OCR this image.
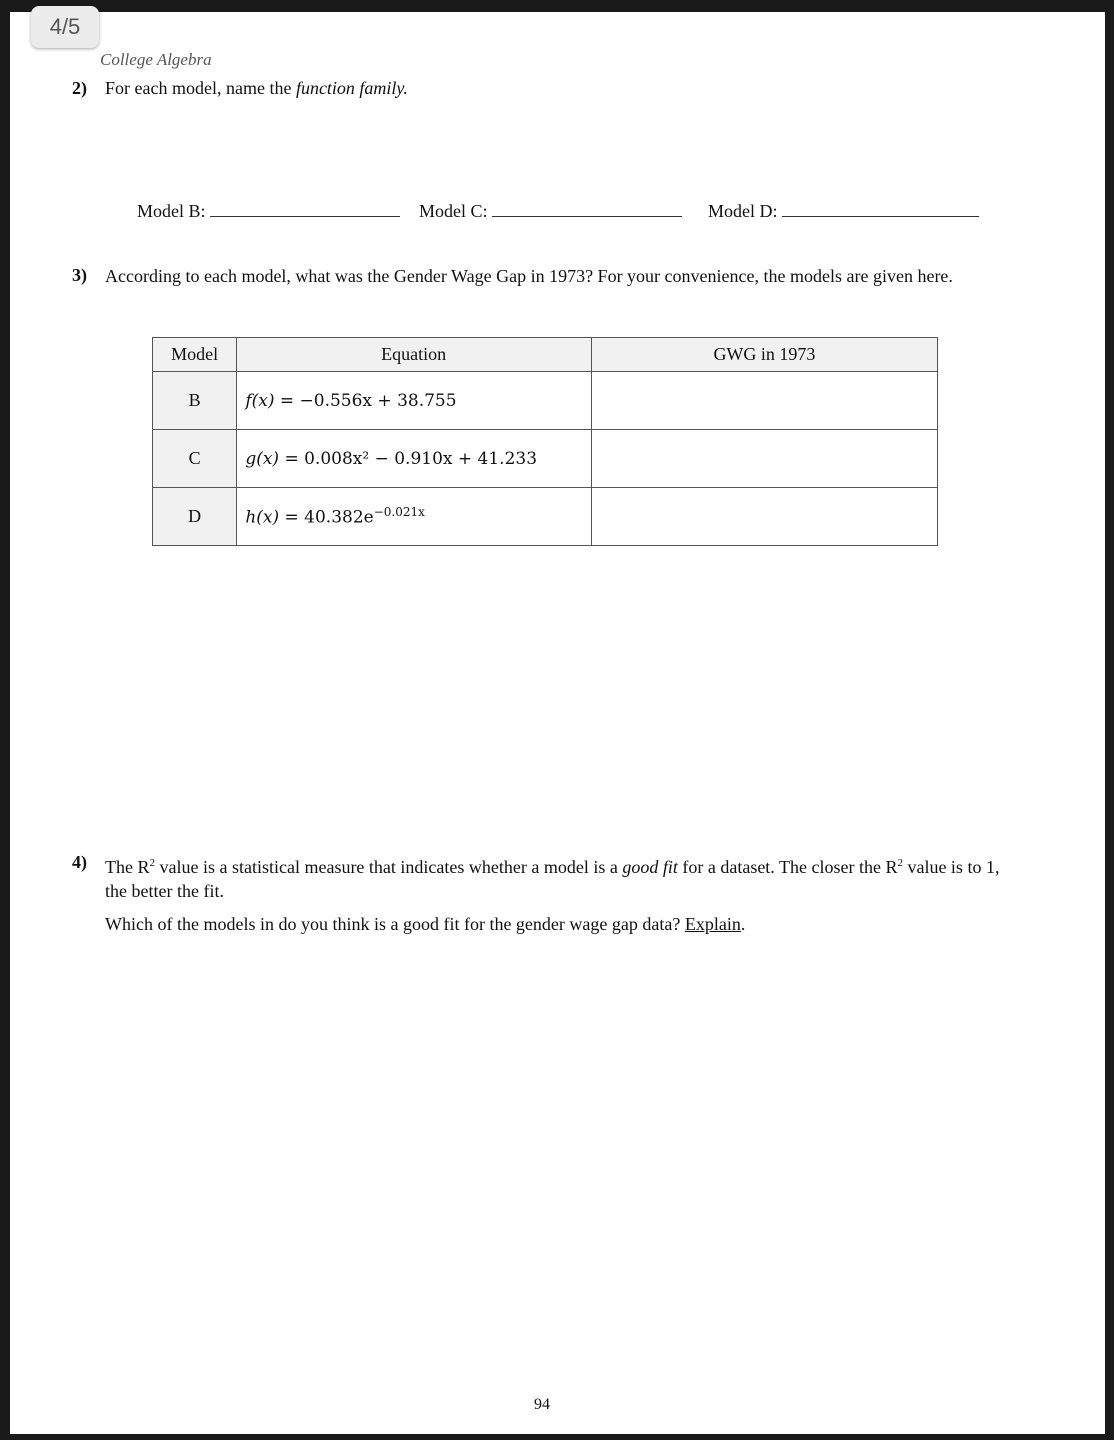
College Algebra
2) For each model, name the function family.
Model B:	Model C:	Model D:
3) According to each model, what was the Gender Wage Gap in 1973? For your convenience, the models are given here.
Model	Equation	GWG in 1973
B	f(x) = −0.556x + 38.755	
C	g(x) = 0.008x² − 0.910x + 41.233	
D	$h(x) = 40.382e^{-0.021x}$	
4) The $R^2$ value is a statistical measure that indicates whether a model is a good fit for a dataset. The closer the $R^2$ value is to 1, the better the fit.
Which of the models in do you think is a good fit for the gender wage gap data? Explain.
94
4/5
